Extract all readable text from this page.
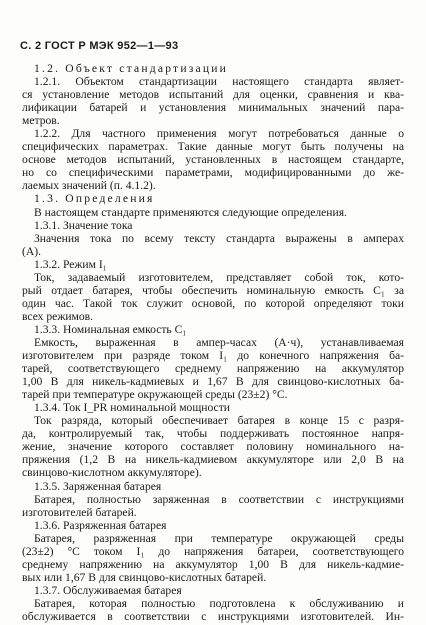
С. 2 ГОСТ Р МЭК 952—1—93
1.2. Объект стандартизации
1.2.1. Объектом стандартизации настоящего стандарта являет-
ся установление методов испытаний для оценки, сравнения и ква-
лификации батарей и установления минимальных значений пара-
метров.
1.2.2. Для частного применения могут потребоваться данные о
специфических параметрах. Такие данные могут быть получены на
основе методов испытаний, установленных в настоящем стандарте,
но со специфическими параметрами, модифицированными до же-
лаемых значений (п. 4.1.2).
1.3. Определения
В настоящем стандарте применяются следующие определения.
1.3.1. Значение тока
Значения тока по всему тексту стандарта выражены в амперах
(А).
1.3.2. Режим I₁
Ток, задаваемый изготовителем, представляет собой ток, кото-
рый отдает батарея, чтобы обеспечить номинальную емкость C₁ за
один час. Такой ток служит основой, по которой определяют токи
всех режимов.
1.3.3. Номинальная емкость C₁
Емкость, выраженная в ампер-часах (А·ч), устанавливаемая
изготовителем при разряде током I₁ до конечного напряжения ба-
тарей, соответствующего среднему напряжению на аккумулятор
1,00 В для никель-кадмиевых и 1,67 В для свинцово-кислотных ба-
тарей при температуре окружающей среды (23±2) °С.
1.3.4. Ток I_PR номинальной мощности
Ток разряда, который обеспечивает батарея в конце 15 с разря-
да, контролируемый так, чтобы поддерживать постоянное напря-
жение, значение которого составляет половину номинального на-
пряжения (1,2 В на никель-кадмиевом аккумуляторе или 2,0 В на
свинцово-кислотном аккумуляторе).
1.3.5. Заряженная батарея
Батарея, полностью заряженная в соответствии с инструкциями
изготовителей батарей.
1.3.6. Разряженная батарея
Батарея, разряженная при температуре окружающей среды
(23±2) °С током I₁ до напряжения батареи, соответствующего
среднему напряжению на аккумулятор 1,00 В для никель-кадмие-
вых или 1,67 В для свинцово-кислотных батарей.
1.3.7. Обслуживаемая батарея
Батарея, которая полностью подготовлена к обслуживанию и
обслуживается в соответствии с инструкциями изготовителей. Ин-
